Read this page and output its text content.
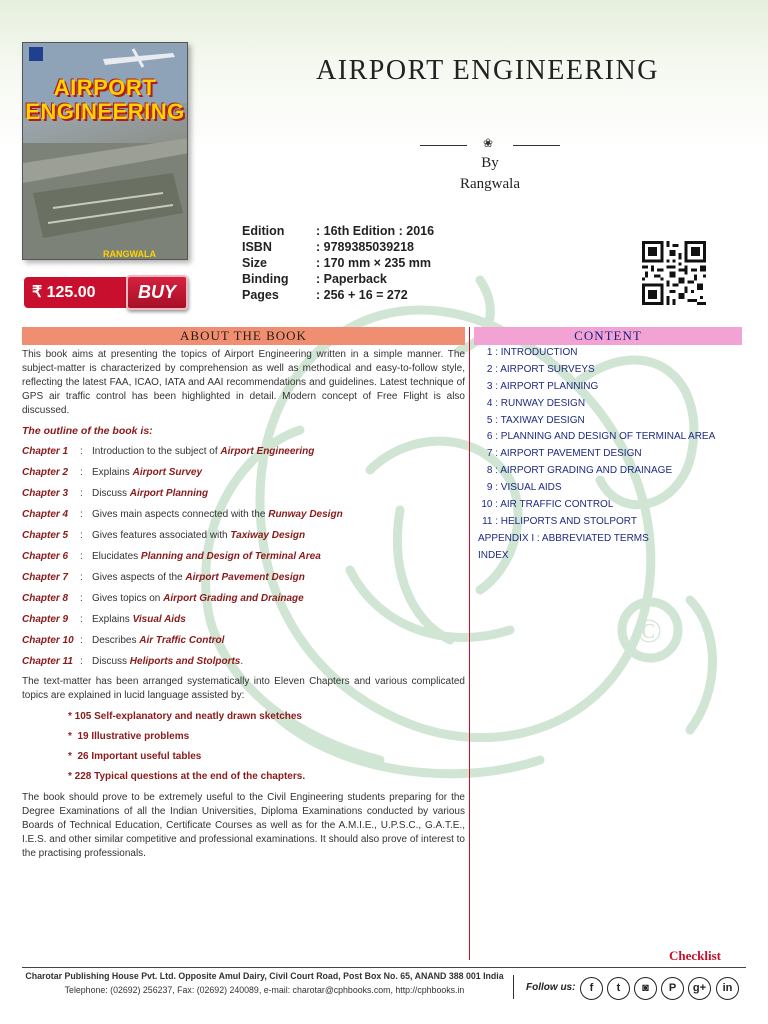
©
AIRPORT
ENGINEERING
RANGWALA
₹ 125.00	BUY
AIRPORT ENGINEERING
❀
By
Rangwala
Edition	: 16th Edition : 2016
ISBN	: 9789385039218
Size	: 170 mm × 235 mm
Binding : Paperback
Pages	: 256 + 16 = 272
ABOUT THE BOOK	CONTENT
This book aims at presenting the topics of Airport Engineering written in a simple manner. The subject-matter is characterized by comprehension as well as methodical and easy-to-follow style, reflecting the latest FAA, ICAO, IATA and AAI recommendations and guidelines. Latest technique of GPS air traffic control has been highlighted in detail. Modern concept of Free Flight is also discussed.
The outline of the book is:
Chapter 1 : Introduction to the subject of Airport Engineering
Chapter 2 : Explains Airport Survey
Chapter 3 : Discuss Airport Planning
Chapter 4 : Gives main aspects connected with the Runway Design
Chapter 5 : Gives features associated with Taxiway Design
Chapter 6 : Elucidates Planning and Design of Terminal Area
Chapter 7 : Gives aspects of the Airport Pavement Design
Chapter 8 : Gives topics on Airport Grading and Drainage
Chapter 9 : Explains Visual Aids
Chapter 10 : Describes Air Traffic Control
Chapter 11 : Discuss Heliports and Stolports.
The text-matter has been arranged systematically into Eleven Chapters and various complicated topics are explained in lucid language assisted by:
* 105 Self-explanatory and neatly drawn sketches
*  19 Illustrative problems
*  26 Important useful tables
* 228 Typical questions at the end of the chapters.
The book should prove to be extremely useful to the Civil Engineering students preparing for the Degree Examinations of all the Indian Universities, Diploma Examinations conducted by various Boards of Technical Education, Certificate Courses as well as for the A.M.I.E., U.P.S.C., G.A.T.E., I.E.S. and other similar competitive and professional examinations. It should also prove of interest to the practising professionals.
1 : INTRODUCTION
2 : AIRPORT SURVEYS
3 : AIRPORT PLANNING
4 : RUNWAY DESIGN
5 : TAXIWAY DESIGN
6 : PLANNING AND DESIGN OF TERMINAL AREA
7 : AIRPORT PAVEMENT DESIGN
8 : AIRPORT GRADING AND DRAINAGE
9 : VISUAL AIDS
10 : AIR TRAFFIC CONTROL
11 : HELIPORTS AND STOLPORT
APPENDIX I : ABBREVIATED TERMS
INDEX
Checklist
Charotar Publishing House Pvt. Ltd. Opposite Amul Dairy, Civil Court Road, Post Box No. 65, ANAND 388 001 India
Telephone: (02692) 256237, Fax: (02692) 240089, e-mail: charotar@cphbooks.com, http://cphbooks.in	Follow us:	f	t	◙	P	g+	in
